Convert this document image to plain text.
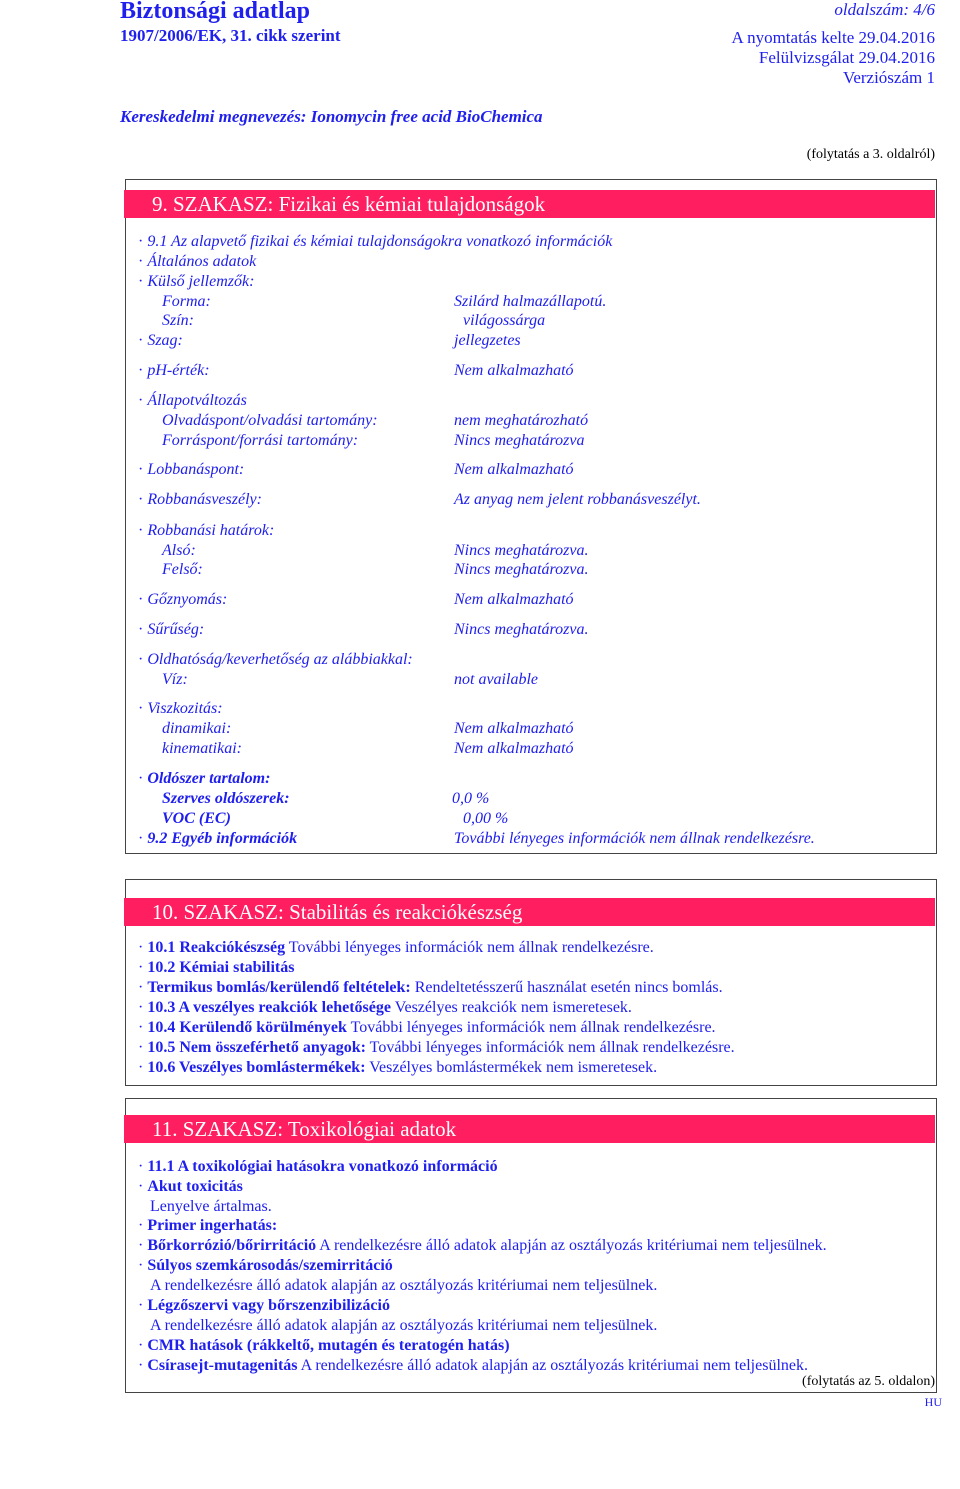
Biztonsági adatlap
1907/2006/EK, 31. cikk szerint
oldalszám: 4/6
A nyomtatás kelte 29.04.2016
Felülvizsgálat 29.04.2016
Verziószám 1
Kereskedelmi megnevezés: Ionomycin free acid BioChemica
(folytatás a 3. oldalról)
9. SZAKASZ: Fizikai és kémiai tulajdonságok
· 9.1 Az alapvető fizikai és kémiai tulajdonságokra vonatkozó információk
· Általános adatok
· Külső jellemzők:
Forma:	Szilárd halmazállapotú.
Szín:	világossárga
· Szag:	jellegzetes
· pH-érték:	Nem alkalmazható
· Állapotváltozás
Olvadáspont/olvadási tartomány:	nem meghatározható
Forráspont/forrási tartomány:	Nincs meghatározva
· Lobbanáspont:	Nem alkalmazható
· Robbanásveszély:	Az anyag nem jelent robbanásveszélyt.
· Robbanási határok:
Alsó:	Nincs meghatározva.
Felső:	Nincs meghatározva.
· Gőznyomás:	Nem alkalmazható
· Sűrűség:	Nincs meghatározva.
· Oldhatóság/keverhetőség az alábbiakkal:
Víz:	not available
· Viszkozitás:
dinamikai:	Nem alkalmazható
kinematikai:	Nem alkalmazható
· Oldószer tartalom:
Szerves oldószerek:	0,0 %
VOC (EC)	0,00 %
· 9.2 Egyéb információk	További lényeges információk nem állnak rendelkezésre.
10. SZAKASZ: Stabilitás és reakciókészség
· 10.1 Reakciókészség További lényeges információk nem állnak rendelkezésre.
· 10.2 Kémiai stabilitás
· Termikus bomlás/kerülendő feltételek: Rendeltetésszerű használat esetén nincs bomlás.
· 10.3 A veszélyes reakciók lehetősége Veszélyes reakciók nem ismeretesek.
· 10.4 Kerülendő körülmények További lényeges információk nem állnak rendelkezésre.
· 10.5 Nem összeférhető anyagok: További lényeges információk nem állnak rendelkezésre.
· 10.6 Veszélyes bomlástermékek: Veszélyes bomlástermékek nem ismeretesek.
11. SZAKASZ: Toxikológiai adatok
· 11.1 A toxikológiai hatásokra vonatkozó információ
· Akut toxicitás
Lenyelve ártalmas.
· Primer ingerhatás:
· Bőrkorrózió/bőrirritáció A rendelkezésre álló adatok alapján az osztályozás kritériumai nem teljesülnek.
· Súlyos szemkárosodás/szemirritáció
A rendelkezésre álló adatok alapján az osztályozás kritériumai nem teljesülnek.
· Légzőszervi vagy bőrszenzibilizáció
A rendelkezésre álló adatok alapján az osztályozás kritériumai nem teljesülnek.
· CMR hatások (rákkeltő, mutagén és teratogén hatás)
· Csírasejt-mutagenitás A rendelkezésre álló adatok alapján az osztályozás kritériumai nem teljesülnek.
(folytatás az 5. oldalon)
HU
